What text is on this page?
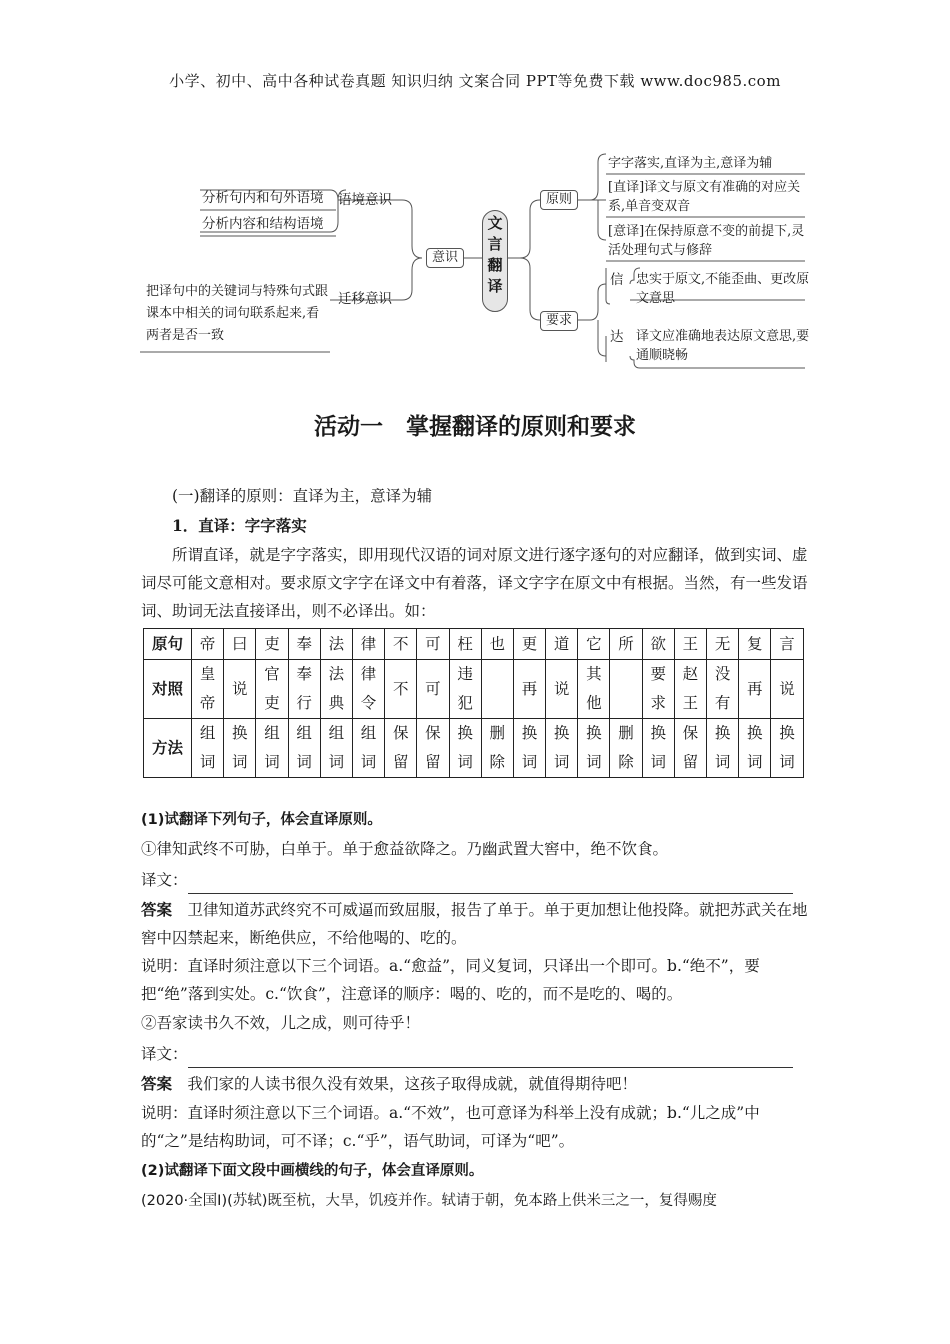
小学、初中、高中各种试卷真题 知识归纳 文案合同 PPT等免费下载 www.doc985.com
分析句内和句外语境
分析内容和结构语境
语境意识
把译句中的关键词与特殊句式跟课本中相关的词句联系起来,看两者是否一致
迁移意识
意识
文言翻译
原则
要求
字字落实,直译为主,意译为辅
[直译]译文与原文有准确的对应关系,单音变双音
[意译]在保持原意不变的前提下,灵活处理句式与修辞
信 忠实于原文,不能歪曲、更改原文意思
达 译文应准确地表达原文意思,要通顺晓畅
活动一　掌握翻译的原则和要求
(一)翻译的原则：直译为主，意译为辅
1．直译：字字落实
所谓直译，就是字字落实，即用现代汉语的词对原文进行逐字逐句的对应翻译，做到实词、虚词尽可能文意相对。要求原文字字在译文中有着落，译文字字在原文中有根据。当然，有一些发语词、助词无法直接译出，则不必译出。如：
原句	帝	曰	吏	奉	法	律	不	可	枉	也	更	道	它	所	欲	王	无	复	言
对照	皇帝	说	官吏	奉行	法典	律令	不	可	违犯		再	说	其他		要求	赵王	没有	再	说

方法	组词	换词	组词	组词	组词	组词	保留	保留	换词	删除	换词	换词	换词	删除	换词	保留	换词	换词	换词
(1)试翻译下列句子，体会直译原则。
①律知武终不可胁，白单于。单于愈益欲降之。乃幽武置大窖中，绝不饮食。
译文：
答案　 卫律知道苏武终究不可威逼而致屈服，报告了单于。单于更加想让他投降。就把苏武关在地窖中囚禁起来，断绝供应，不给他喝的、吃的。
说明：直译时须注意以下三个词语。a.“愈益”，同义复词，只译出一个即可。b.“绝不”，要把“绝”落到实处。c.“饮食”，注意译的顺序：喝的、吃的，而不是吃的、喝的。
②吾家读书久不效，儿之成，则可待乎！
译文：
答案　 我们家的人读书很久没有效果，这孩子取得成就，就值得期待吧！
说明：直译时须注意以下三个词语。a.“不效”，也可意译为科举上没有成就；b.“儿之成”中的“之”是结构助词，可不译；c.“乎”，语气助词，可译为“吧”。
(2)试翻译下面文段中画横线的句子，体会直译原则。
(2020·全国Ⅰ)(苏轼)既至杭，大旱，饥疫并作。轼请于朝，免本路上供米三之一，复得赐度
